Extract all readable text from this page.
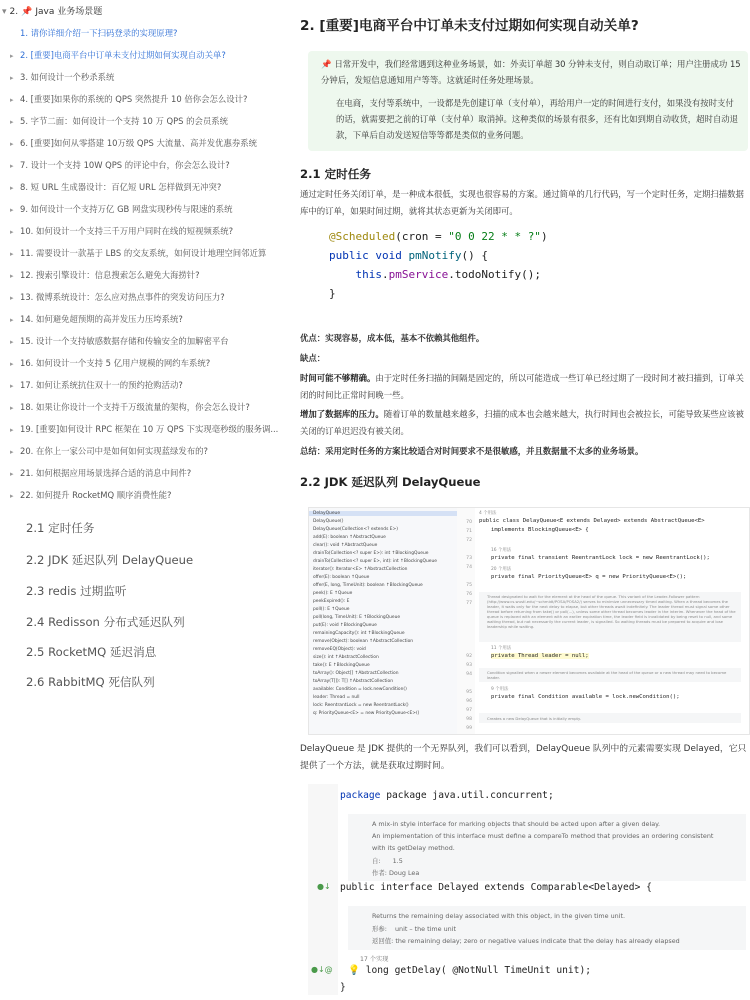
▾ 2. 📌 Java 业务场景题
1. 请你详细介绍一下扫码登录的实现原理?
▸ 2. [重要]电商平台中订单未支付过期如何实现自动关单?
▸ 3. 如何设计一个秒杀系统
▸ 4. [重要]如果你的系统的 QPS 突然提升 10 倍你会怎么设计?
▸ 5. 字节二面：如何设计一个支持 10 万 QPS 的会员系统
▸ 6. [重要]如何从零搭建 10万级 QPS 大流量、高并发优惠券系统
▸ 7. 设计一个支持 10W QPS 的评论中台，你会怎么设计?
▸ 8. 短 URL 生成器设计：百亿短 URL 怎样做到无冲突?
▸ 9. 如何设计一个支持万亿 GB 网盘实现秒传与限速的系统
▸ 10. 如何设计一个支持三千万用户同时在线的短视频系统?
▸ 11. 需要设计一款基于 LBS 的交友系统，如何设计地理空间邻近算
▸ 12. 搜索引擎设计：信息搜索怎么避免大海捞针?
▸ 13. 微博系统设计：怎么应对热点事件的突发访问压力?
▸ 14. 如何避免超预期的高并发压力压垮系统?
▸ 15. 设计一个支持敏感数据存储和传输安全的加解密平台
▸ 16. 如何设计一个支持 5 亿用户规模的网约车系统?
▸ 17. 如何让系统抗住双十一的预约抢购活动?
▸ 18. 如果让你设计一个支持千万级流量的架构，你会怎么设计?
▸ 19. [重要]如何设计 RPC 框架在 10 万 QPS 下实现毫秒级的服务调...
▸ 20. 在你上一家公司中是如何如何实现蓝绿发布的?
▸ 21. 如何根据应用场景选择合适的消息中间件?
▸ 22. 如何提升 RocketMQ 顺序消费性能?
2.1 定时任务
2.2 JDK 延迟队列 DelayQueue
2.3 redis 过期监听
2.4 Redisson 分布式延迟队列
2.5 RocketMQ 延迟消息
2.6 RabbitMQ 死信队列
2. [重要]电商平台中订单未支付过期如何实现自动关单?
📌 日常开发中，我们经常遇到这种业务场景，如：外卖订单超 30 分钟未支付，则自动取订单；用户注册成功 15 分钟后，发短信息通知用户等等。这就延时任务处理场景。
在电商，支付等系统中，一设都是先创建订单（支付单），再给用户一定的时间进行支付，如果没有按时支付的话，就需要把之前的订单（支付单）取消掉。这种类似的场景有很多，还有比如到期自动收货，超时自动退款，下单后自动发送短信等等都是类似的业务问题。
2.1 定时任务
通过定时任务关闭订单，是一种成本很低，实现也很容易的方案。通过简单的几行代码，写一个定时任务，定期扫描数据库中的订单，如果时间过期，就将其状态更新为关闭即可。
@Scheduled(cron = "0 0 22 * * ?")
public void pmNotify() {
this.pmService.todoNotify();
}
优点：实现容易，成本低，基本不依赖其他组件。
缺点：
时间可能不够精确。由于定时任务扫描的间隔是固定的，所以可能造成一些订单已经过期了一段时间才被扫描到，订单关闭的时间比正常时间晚一些。
增加了数据库的压力。随着订单的数量越来越多，扫描的成本也会越来越大，执行时间也会被拉长，可能导致某些应该被关闭的订单迟迟没有被关闭。
总结：采用定时任务的方案比较适合对时间要求不是很敏感，并且数据量不太多的业务场景。
2.2 JDK 延迟队列 DelayQueue
DelayQueue
DelayQueue()
DelayQueue(Collection<? extends E>)
add(E): boolean ↑AbstractQueue
clear(): void ↑AbstractQueue
drainTo(Collection<? super E>): int ↑BlockingQueue
drainTo(Collection<? super E>, int): int ↑BlockingQueue
iterator(): Iterator<E> ↑AbstractCollection
offer(E): boolean ↑Queue
offer(E, long, TimeUnit): boolean ↑BlockingQueue
peek(): E ↑Queue
peekExpired(): E
poll(): E ↑Queue
poll(long, TimeUnit): E ↑BlockingQueue
put(E): void ↑BlockingQueue
remainingCapacity(): int ↑BlockingQueue
remove(Object): boolean ↑AbstractCollection
removeEQ(Object): void
size(): int ↑AbstractCollection
take(): E ↑BlockingQueue
toArray(): Object[] ↑AbstractCollection
toArray(T[]): T[] ↑AbstractCollection
available: Condition = lock.newCondition()
leader: Thread = null
lock: ReentrantLock = new ReentrantLock()
q: PriorityQueue<E> = new PriorityQueue<E>()
70
71
72
73
74
75
76
77
92
93
94
95
96
97
98
99
4 个用法
public class DelayQueue<E extends Delayed> extends AbstractQueue<E>
implements BlockingQueue<E> {
16 个用法
private final transient ReentrantLock lock = new ReentrantLock();
20 个用法
private final PriorityQueue<E> q = new PriorityQueue<E>();
Thread designated to wait for the element at the head of the queue. This variant of the Leader-Follower pattern (http://www.cs.wustl.edu/~schmidt/POSA/POSA2/) serves to minimize unnecessary timed waiting. When a thread becomes the leader, it waits only for the next delay to elapse, but other threads await indefinitely. The leader thread must signal some other thread before returning from take() or poll(...), unless some other thread becomes leader in the interim. Whenever the head of the queue is replaced with an element with an earlier expiration time, the leader field is invalidated by being reset to null, and some waiting thread, but not necessarily the current leader, is signalled. So waiting threads must be prepared to acquire and lose leadership while waiting.
11 个用法
private Thread leader = null;
Condition signalled when a newer element becomes available at the head of the queue or a new thread may need to become leader.
9 个用法
private final Condition available = lock.newCondition();
Creates a new DelayQueue that is initially empty.
DelayQueue 是 JDK 提供的一个无界队列，我们可以看到，DelayQueue 队列中的元素需要实现 Delayed，它只提供了一个方法，就是获取过期时间。
●↓
●↓@
package package java.util.concurrent;
A mix-in style interface for marking objects that should be acted upon after a given delay.
An implementation of this interface must define a compareTo method that provides an ordering consistent
with its getDelay method.
自: 1.5
作者: Doug Lea
public interface Delayed extends Comparable<Delayed> {
Returns the remaining delay associated with this object, in the given time unit.
形参: unit – the time unit
返回值: the remaining delay; zero or negative values indicate that the delay has already elapsed
17 个实现
💡 long getDelay( @NotNull TimeUnit unit);
}
